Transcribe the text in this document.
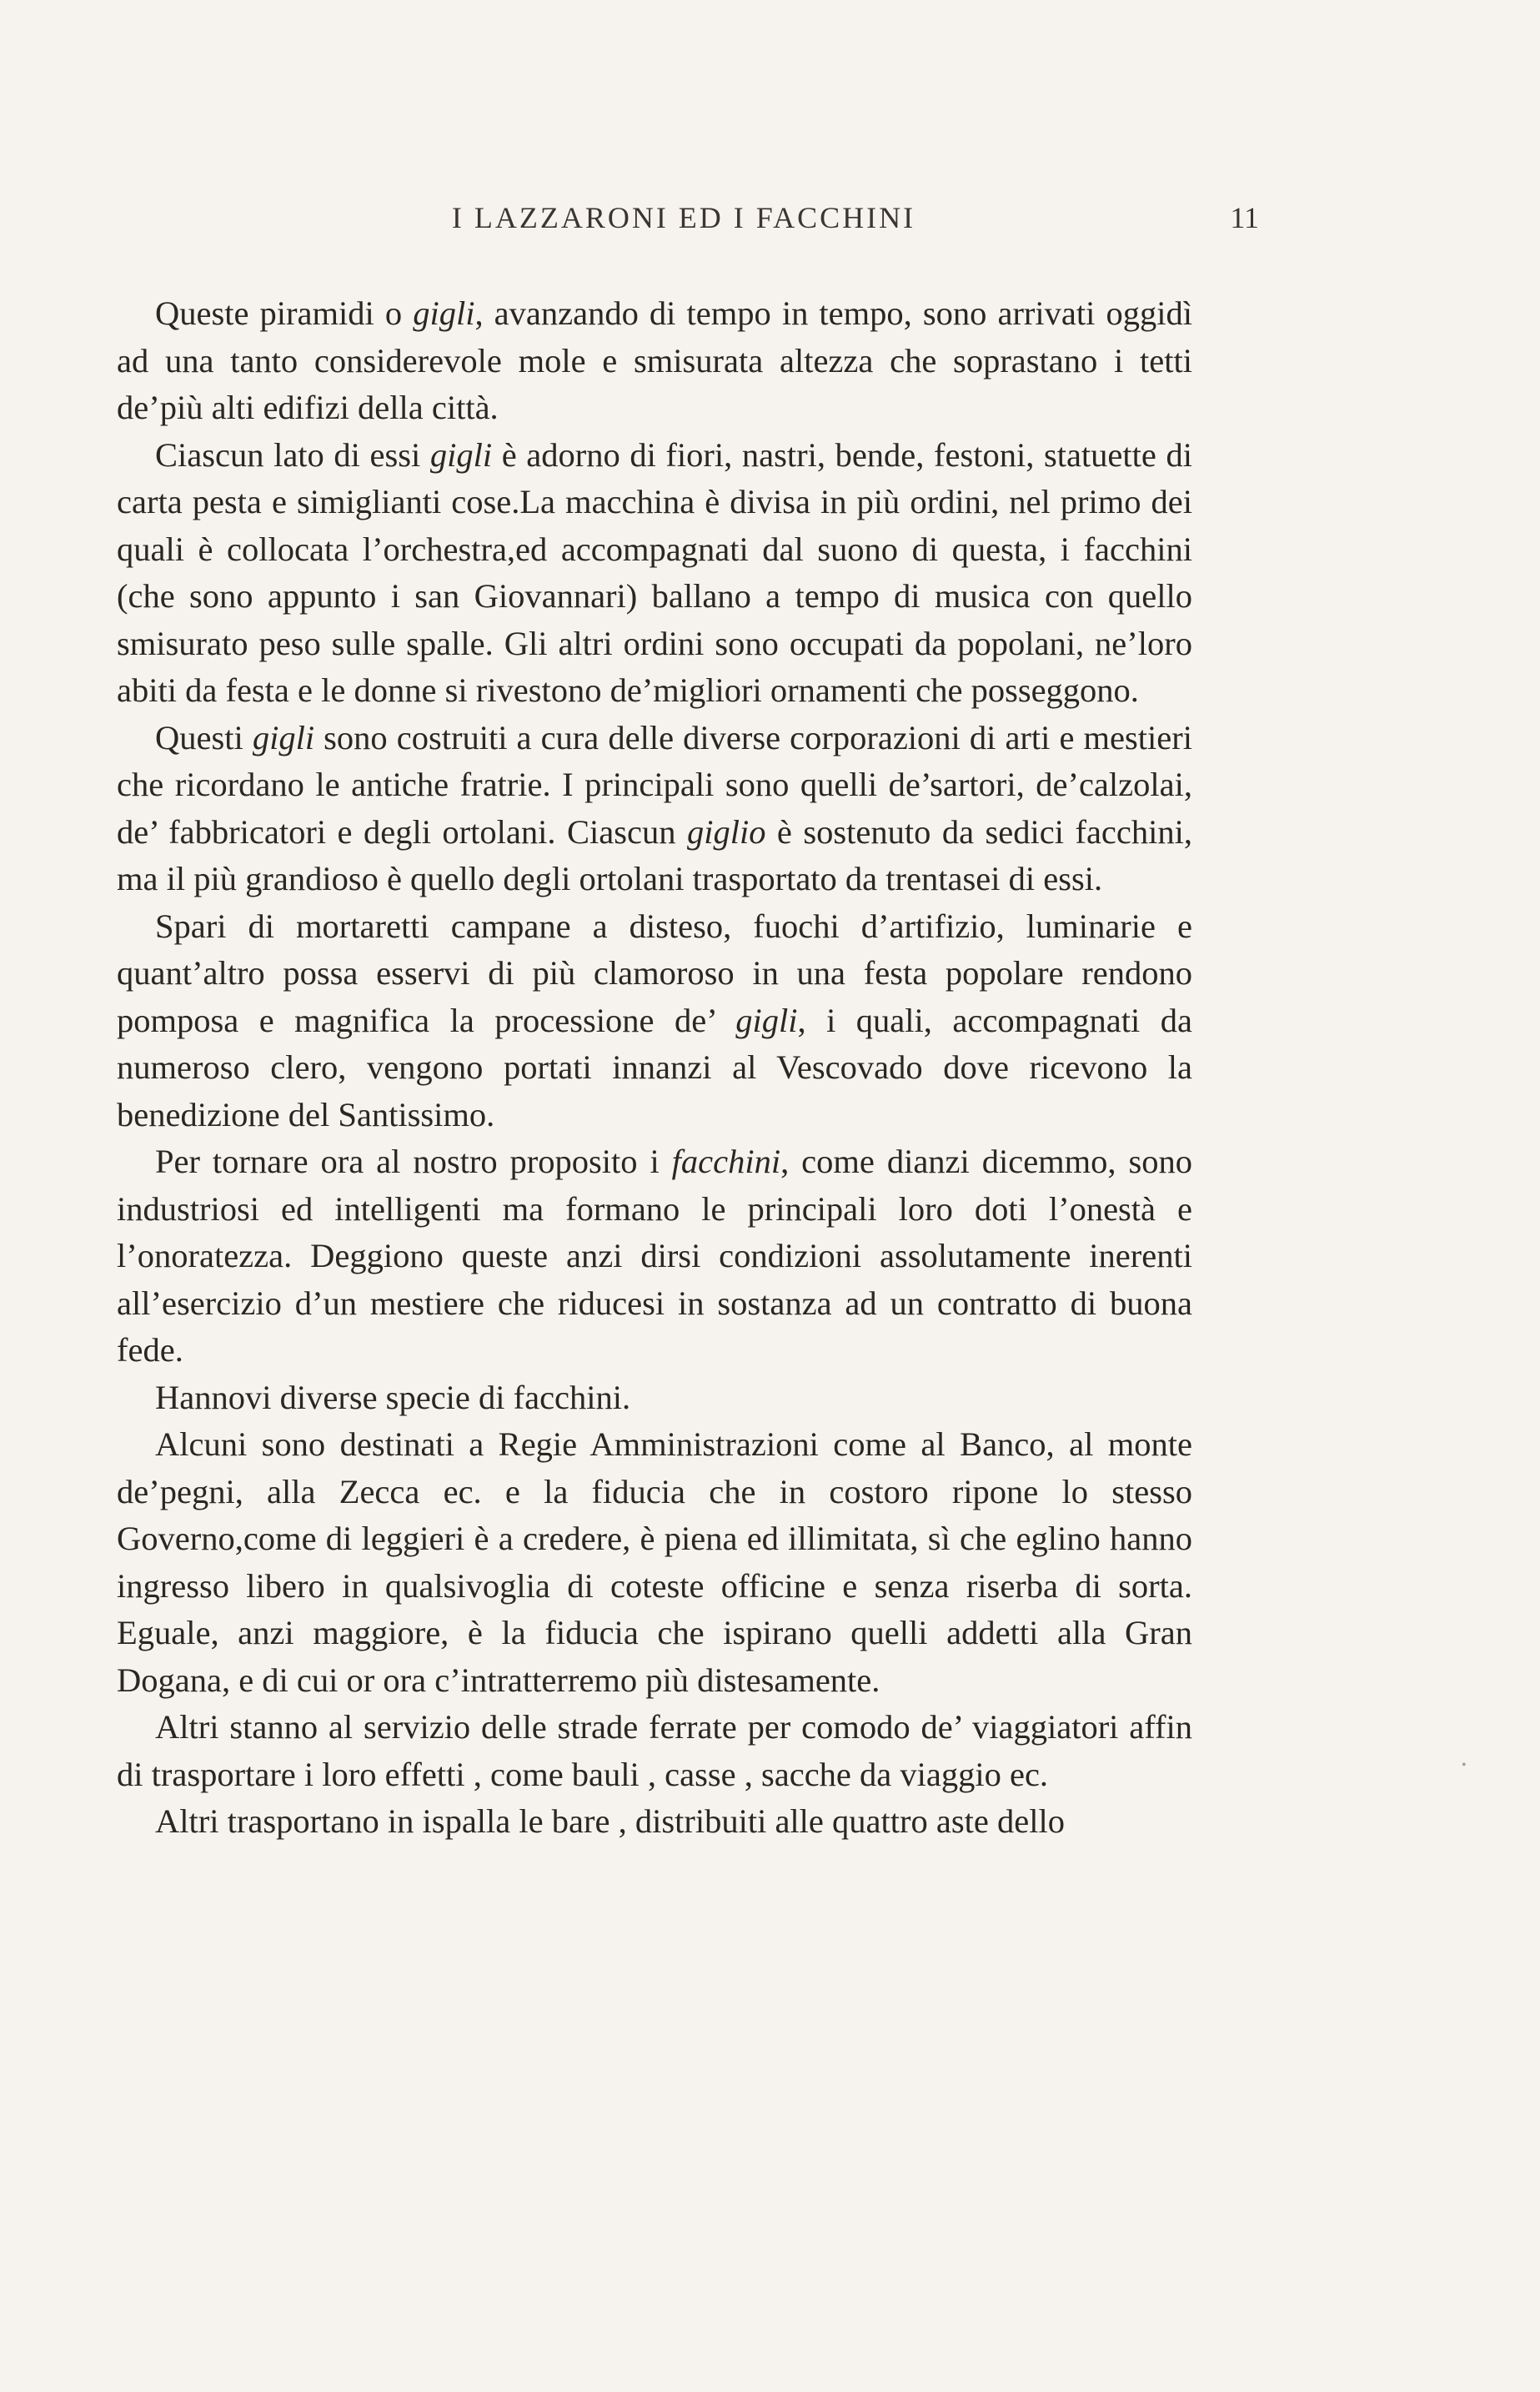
I LAZZARONI ED I FACCHINI	11

Queste piramidi o gigli, avanzando di tempo in tempo, sono arrivati oggidì ad una tanto considerevole mole e smisurata altezza che soprastano i tetti de’più alti edifizi della città.

Ciascun lato di essi gigli è adorno di fiori, nastri, bende, festoni, statuette di carta pesta e simiglianti cose.La macchina è divisa in più ordini, nel primo dei quali è collocata l’orchestra,ed accompagnati dal suono di questa, i facchini (che sono appunto i san Giovannari) ballano a tempo di musica con quello smisurato peso sulle spalle. Gli altri ordini sono occupati da popolani, ne’loro abiti da festa e le donne si rivestono de’migliori ornamenti che posseggono.

Questi gigli sono costruiti a cura delle diverse corporazioni di arti e mestieri che ricordano le antiche fratrie. I principali sono quelli de’sartori, de’calzolai, de’ fabbricatori e degli ortolani. Ciascun giglio è sostenuto da sedici facchini, ma il più grandioso è quello degli ortolani trasportato da trentasei di essi.

Spari di mortaretti campane a disteso, fuochi d’artifizio, luminarie e quant’altro possa esservi di più clamoroso in una festa popolare rendono pomposa e magnifica la processione de’ gigli, i quali, accompagnati da numeroso clero, vengono portati innanzi al Vescovado dove ricevono la benedizione del Santissimo.

Per tornare ora al nostro proposito i facchini, come dianzi dicemmo, sono industriosi ed intelligenti ma formano le principali loro doti l’onestà e l’onoratezza. Deggiono queste anzi dirsi condizioni assolutamente inerenti all’esercizio d’un mestiere che riducesi in sostanza ad un contratto di buona fede.

Hannovi diverse specie di facchini.

Alcuni sono destinati a Regie Amministrazioni come al Banco, al monte de’pegni, alla Zecca ec. e la fiducia che in costoro ripone lo stesso Governo,come di leggieri è a credere, è piena ed illimitata, sì che eglino hanno ingresso libero in qualsivoglia di coteste officine e senza riserba di sorta. Eguale, anzi maggiore, è la fiducia che ispirano quelli addetti alla Gran Dogana, e di cui or ora c’intratterremo più distesamente.

Altri stanno al servizio delle strade ferrate per comodo de’ viaggiatori affin di trasportare i loro effetti , come bauli , casse , sacche da viaggio ec.

Altri trasportano in ispalla le bare , distribuiti alle quattro aste dello

•
